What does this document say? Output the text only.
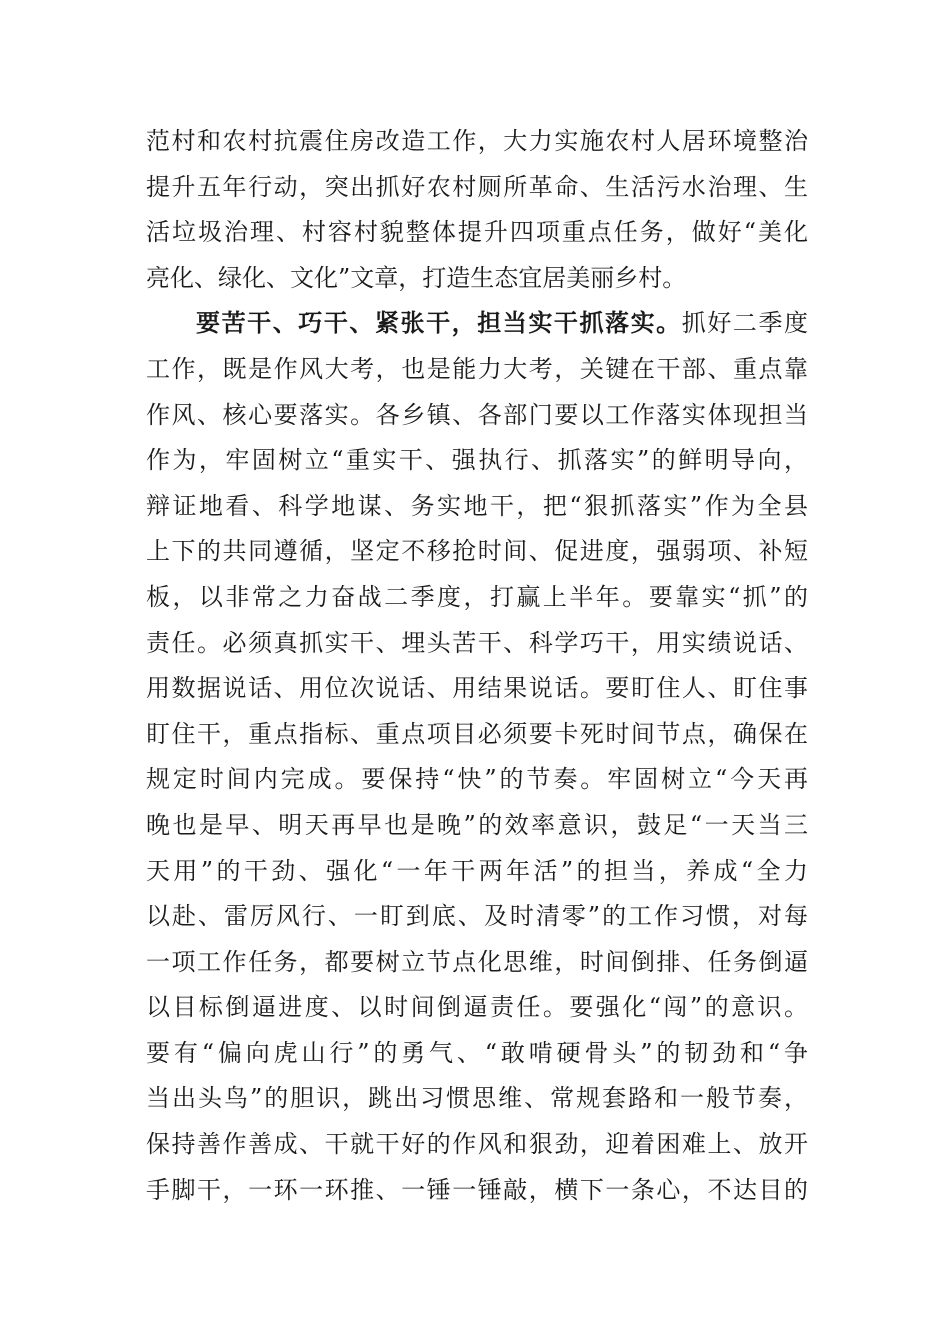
范村和农村抗震住房改造工作，大力实施农村人居环境整治
提升五年行动，突出抓好农村厕所革命、生活污水治理、生
活垃圾治理、村容村貌整体提升四项重点任务，做好“美化
亮化、绿化、文化”文章，打造生态宜居美丽乡村。
要苦干、巧干、紧张干，担当实干抓落实。抓好二季度
工作，既是作风大考，也是能力大考，关键在干部、重点靠
作风、核心要落实。各乡镇、各部门要以工作落实体现担当
作为，牢固树立“重实干、强执行、抓落实”的鲜明导向，
辩证地看、科学地谋、务实地干，把“狠抓落实”作为全县
上下的共同遵循，坚定不移抢时间、促进度，强弱项、补短
板，以非常之力奋战二季度，打赢上半年。要靠实“抓”的
责任。必须真抓实干、埋头苦干、科学巧干，用实绩说话、
用数据说话、用位次说话、用结果说话。要盯住人、盯住事
盯住干，重点指标、重点项目必须要卡死时间节点，确保在
规定时间内完成。要保持“快”的节奏。牢固树立“今天再
晚也是早、明天再早也是晚”的效率意识，鼓足“一天当三
天用”的干劲、强化“一年干两年活”的担当，养成“全力
以赴、雷厉风行、一盯到底、及时清零”的工作习惯，对每
一项工作任务，都要树立节点化思维，时间倒排、任务倒逼
以目标倒逼进度、以时间倒逼责任。要强化“闯”的意识。
要有“偏向虎山行”的勇气、“敢啃硬骨头”的韧劲和“争
当出头鸟”的胆识，跳出习惯思维、常规套路和一般节奏，
保持善作善成、干就干好的作风和狠劲，迎着困难上、放开
手脚干，一环一环推、一锤一锤敲，横下一条心，不达目的
